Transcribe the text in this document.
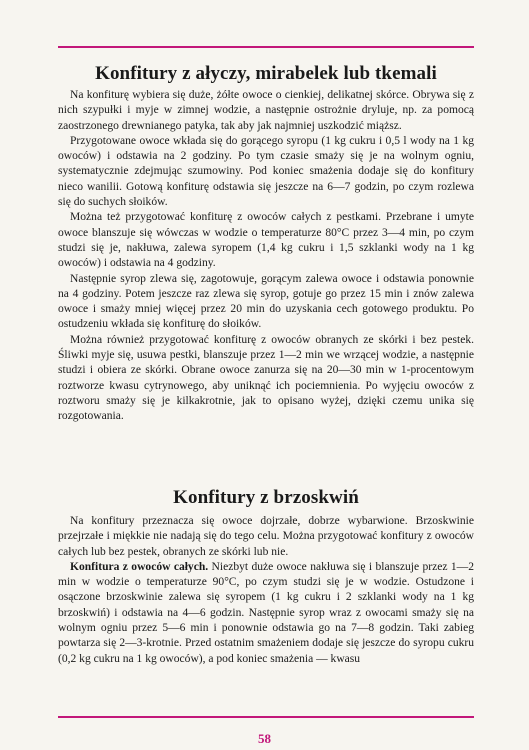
Konfitury z ałyczy, mirabelek lub tkemali

Na konfiturę wybiera się duże, żółte owoce o cienkiej, delikatnej skórce. Obrywa się z nich szypułki i myje w zimnej wodzie, a następnie ostrożnie dryluje, np. za pomocą zaostrzonego drewnianego patyka, tak aby jak najmniej uszkodzić miąższ.

Przygotowane owoce wkłada się do gorącego syropu (1 kg cukru i 0,5 l wody na 1 kg owoców) i odstawia na 2 godziny. Po tym czasie smaży się je na wolnym ogniu, systematycznie zdejmując szumowiny. Pod koniec smażenia dodaje się do konfitury nieco wanilii. Gotową konfiturę odstawia się jeszcze na 6—7 godzin, po czym rozlewa się do suchych słoików.

Można też przygotować konfiturę z owoców całych z pestkami. Przebrane i umyte owoce blanszuje się wówczas w wodzie o temperaturze 80°C przez 3—4 min, po czym studzi się je, nakłuwa, zalewa syropem (1,4 kg cukru i 1,5 szklanki wody na 1 kg owoców) i odstawia na 4 godziny.

Następnie syrop zlewa się, zagotowuje, gorącym zalewa owoce i odstawia ponownie na 4 godziny. Potem jeszcze raz zlewa się syrop, gotuje go przez 15 min i znów zalewa owoce i smaży mniej więcej przez 20 min do uzyskania cech gotowego produktu. Po ostudzeniu wkłada się konfiturę do słoików.

Można również przygotować konfiturę z owoców obranych ze skórki i bez pestek. Śliwki myje się, usuwa pestki, blanszuje przez 1—2 min we wrzącej wodzie, a następnie studzi i obiera ze skórki. Obrane owoce zanurza się na 20—30 min w 1-procentowym roztworze kwasu cytrynowego, aby uniknąć ich pociemnienia. Po wyjęciu owoców z roztworu smaży się je kilkakrotnie, jak to opisano wyżej, dzięki czemu unika się rozgotowania.

Konfitury z brzoskwiń

Na konfitury przeznacza się owoce dojrzałe, dobrze wybarwione. Brzoskwinie przejrzałe i miękkie nie nadają się do tego celu. Można przygotować konfitury z owoców całych lub bez pestek, obranych ze skórki lub nie.

Konfitura z owoców całych. Niezbyt duże owoce nakłuwa się i blanszuje przez 1—2 min w wodzie o temperaturze 90°C, po czym studzi się je w wodzie. Ostudzone i osączone brzoskwinie zalewa się syropem (1 kg cukru i 2 szklanki wody na 1 kg brzoskwiń) i odstawia na 4—6 godzin. Następnie syrop wraz z owocami smaży się na wolnym ogniu przez 5—6 min i ponownie odstawia go na 7—8 godzin. Taki zabieg powtarza się 2—3-krotnie. Przed ostatnim smażeniem dodaje się jeszcze do syropu cukru (0,2 kg cukru na 1 kg owoców), a pod koniec smażenia — kwasu

58
